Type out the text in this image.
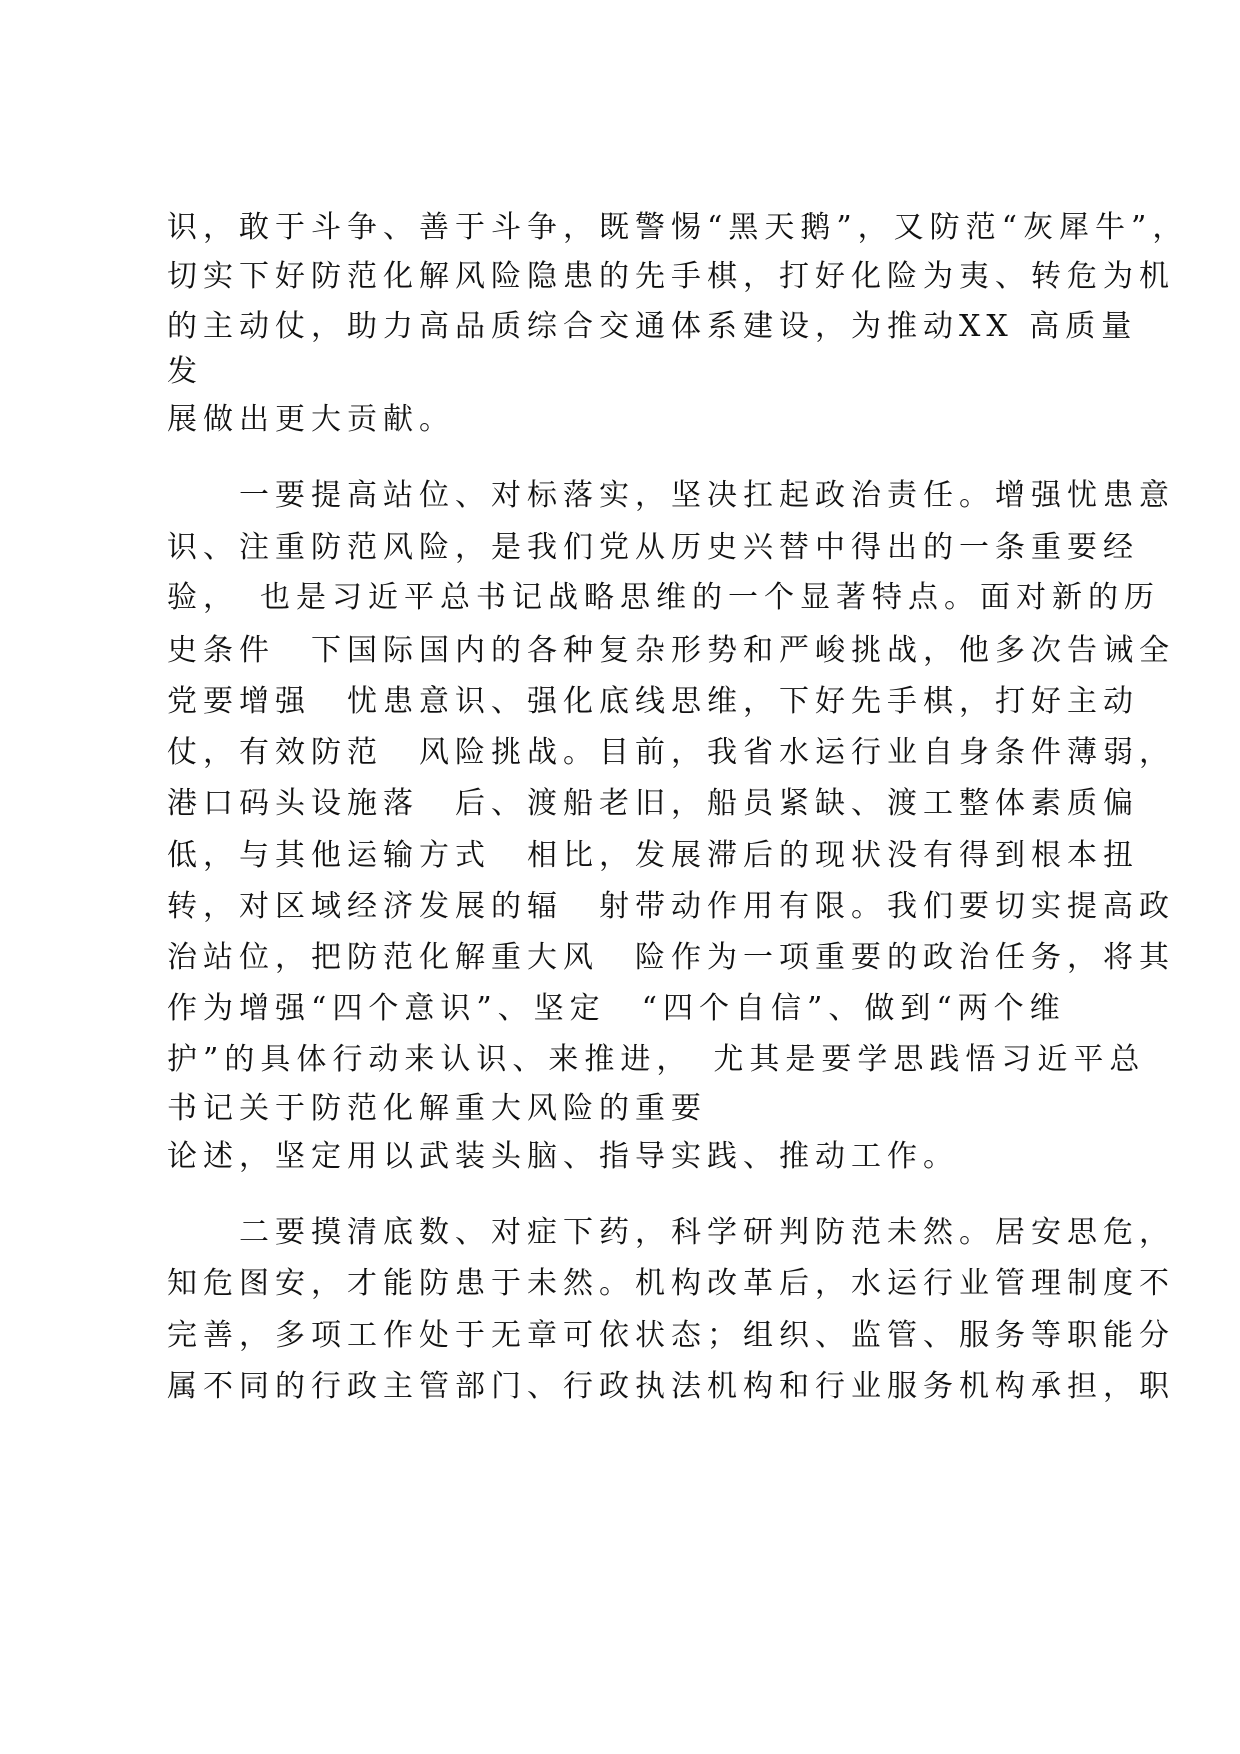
识，敢于斗争、善于斗争，既警惕“黑天鹅”，又防范“灰犀牛”，
切实下好防范化解风险隐患的先手棋，打好化险为夷、转危为机
的主动仗，助力高品质综合交通体系建设，为推动XX 高质量
发
展做出更大贡献。
　　一要提高站位、对标落实，坚决扛起政治责任。增强忧患意
识、注重防范风险，是我们党从历史兴替中得出的一条重要经
验，　也是习近平总书记战略思维的一个显著特点。面对新的历
史条件　下国际国内的各种复杂形势和严峻挑战，他多次告诫全
党要增强　忧患意识、强化底线思维，下好先手棋，打好主动
仗，有效防范　风险挑战。目前，我省水运行业自身条件薄弱，
港口码头设施落　后、渡船老旧，船员紧缺、渡工整体素质偏
低，与其他运输方式　相比，发展滞后的现状没有得到根本扭
转，对区域经济发展的辐　射带动作用有限。我们要切实提高政
治站位，把防范化解重大风　险作为一项重要的政治任务，将其
作为增强“四个意识”、坚定　“四个自信”、做到“两个维
护”的具体行动来认识、来推进，　尤其是要学思践悟习近平总
书记关于防范化解重大风险的重要
论述，坚定用以武装头脑、指导实践、推动工作。
　　二要摸清底数、对症下药，科学研判防范未然。居安思危，
知危图安，才能防患于未然。机构改革后，水运行业管理制度不
完善，多项工作处于无章可依状态；组织、监管、服务等职能分
属不同的行政主管部门、行政执法机构和行业服务机构承担，职
